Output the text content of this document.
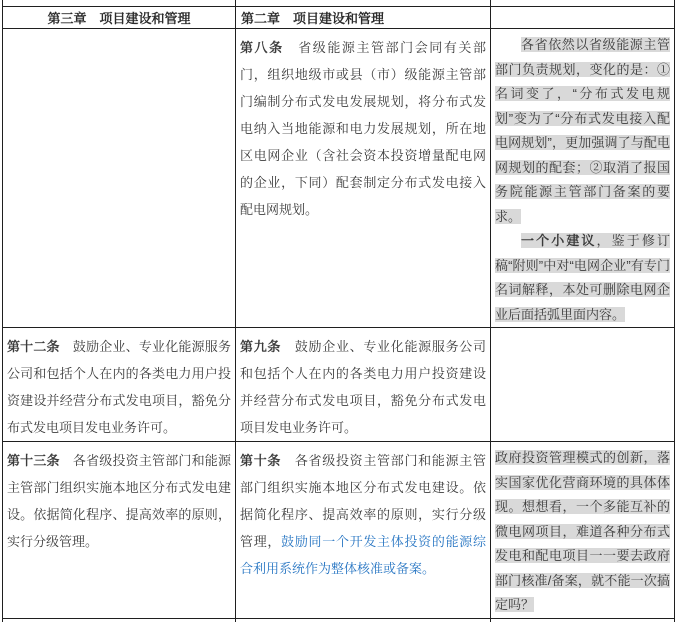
第三章　项目建设和管理	第二章　项目建设和管理	

	第八条　省级能源主管部门会同有关部门，组织地级市或县（市）级能源主管部门编制分布式发电发展规划，将分布式发电纳入当地能源和电力发展规划，所在地区电网企业（含社会资本投资增量配电网的企业，下同）配套制定分布式发电接入配电网规划。	各省依然以省级能源主管部门负责规划，变化的是：①名词变了，“分布式发电规划”变为了“分布式发电接入配电网规划”，更加强调了与配电网规划的配套；②取消了报国务院能源主管部门备案的要求。

一个小建议，鉴于修订稿“附则”中对“电网企业”有专门名词解释，本处可删除电网企业后面括弧里面内容。

第十二条　鼓励企业、专业化能源服务公司和包括个人在内的各类电力用户投资建设并经营分布式发电项目，豁免分布式发电项目发电业务许可。	第九条　鼓励企业、专业化能源服务公司和包括个人在内的各类电力用户投资建设并经营分布式发电项目，豁免分布式发电项目发电业务许可。	

第十三条　各省级投资主管部门和能源主管部门组织实施本地区分布式发电建设。依据简化程序、提高效率的原则，实行分级管理。	第十条　各省级投资主管部门和能源主管部门组织实施本地区分布式发电建设。依据简化程序、提高效率的原则，实行分级管理，鼓励同一个开发主体投资的能源综合利用系统作为整体核准或备案。	政府投资管理模式的创新，落实国家优化营商环境的具体体现。想想看，一个多能互补的微电网项目，难道各种分布式发电和配电项目一一要去政府部门核准/备案，就不能一次搞定吗？
